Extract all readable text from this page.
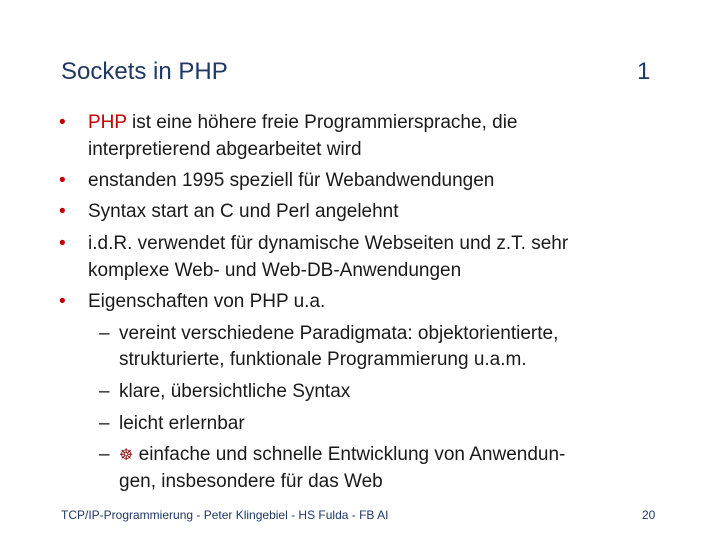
Sockets in PHP	1
• PHP ist eine höhere freie Programmiersprache, die
interpretierend abgearbeitet wird
• enstanden 1995 speziell für Webandwendungen
• Syntax start an C und Perl angelehnt
• i.d.R. verwendet für dynamische Webseiten und z.T. sehr
komplexe Web- und Web-DB-Anwendungen
• Eigenschaften von PHP u.a.
– vereint verschiedene Paradigmata: objektorientierte,
strukturierte, funktionale Programmierung u.a.m.
– klare, übersichtliche Syntax
– leicht erlernbar
– ☸ einfache und schnelle Entwicklung von Anwendun-
gen, insbesondere für das Web
TCP/IP-Programmierung - Peter Klingebiel - HS Fulda - FB AI	20
